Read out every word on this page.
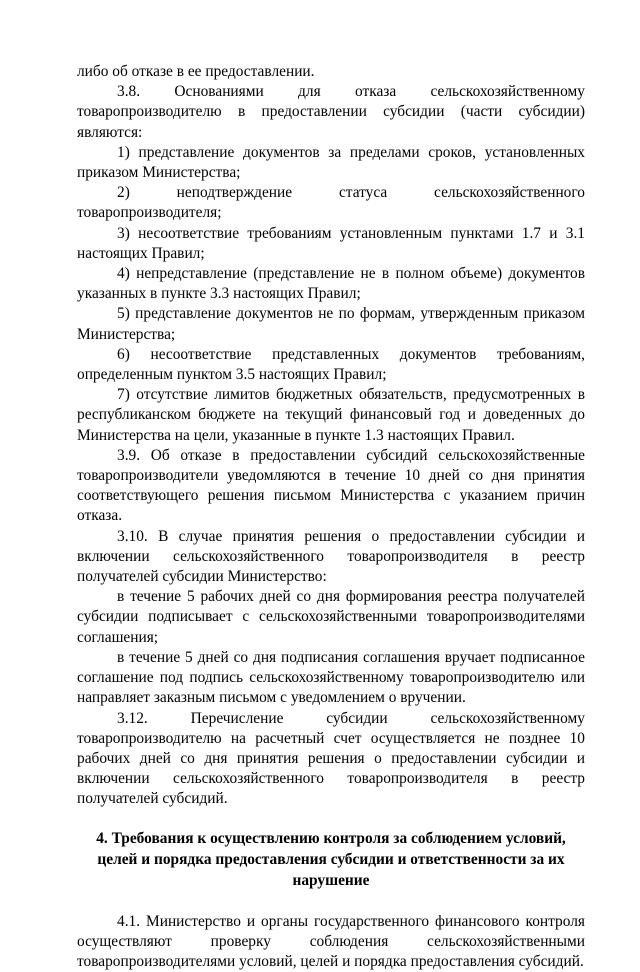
либо об отказе в ее предоставлении.

3.8. Основаниями для отказа сельскохозяйственному товаропроизводителю в предоставлении субсидии (части субсидии) являются:

1) представление документов за пределами сроков, установленных приказом Министерства;

2) неподтверждение статуса сельскохозяйственного товаропроизводителя;

3) несоответствие требованиям установленным пунктами 1.7 и 3.1 настоящих Правил;

4) непредставление (представление не в полном объеме) документов указанных в пункте 3.3 настоящих Правил;

5) представление документов не по формам, утвержденным приказом Министерства;

6) несоответствие представленных документов требованиям, определенным пунктом 3.5 настоящих Правил;

7) отсутствие лимитов бюджетных обязательств, предусмотренных в республиканском бюджете на текущий финансовый год и доведенных до Министерства на цели, указанные в пункте 1.3 настоящих Правил.

3.9. Об отказе в предоставлении субсидий сельскохозяйственные товаропроизводители уведомляются в течение 10 дней со дня принятия соответствующего решения письмом Министерства с указанием причин отказа.

3.10. В случае принятия решения о предоставлении субсидии и включении сельскохозяйственного товаропроизводителя в реестр получателей субсидии Министерство:

в течение 5 рабочих дней со дня формирования реестра получателей субсидии подписывает с сельскохозяйственными товаропроизводителями соглашения;

в течение 5 дней со дня подписания соглашения вручает подписанное соглашение под подпись сельскохозяйственному товаропроизводителю или направляет заказным письмом с уведомлением о вручении.

3.12. Перечисление субсидии сельскохозяйственному товаропроизводителю на расчетный счет осуществляется не позднее 10 рабочих дней со дня принятия решения о предоставлении субсидии и включении сельскохозяйственного товаропроизводителя в реестр получателей субсидий.

4. Требования к осуществлению контроля за соблюдением условий, целей и порядка предоставления субсидии и ответственности за их нарушение

4.1. Министерство и органы государственного финансового контроля осуществляют проверку соблюдения сельскохозяйственными товаропроизводителями условий, целей и порядка предоставления субсидий.
